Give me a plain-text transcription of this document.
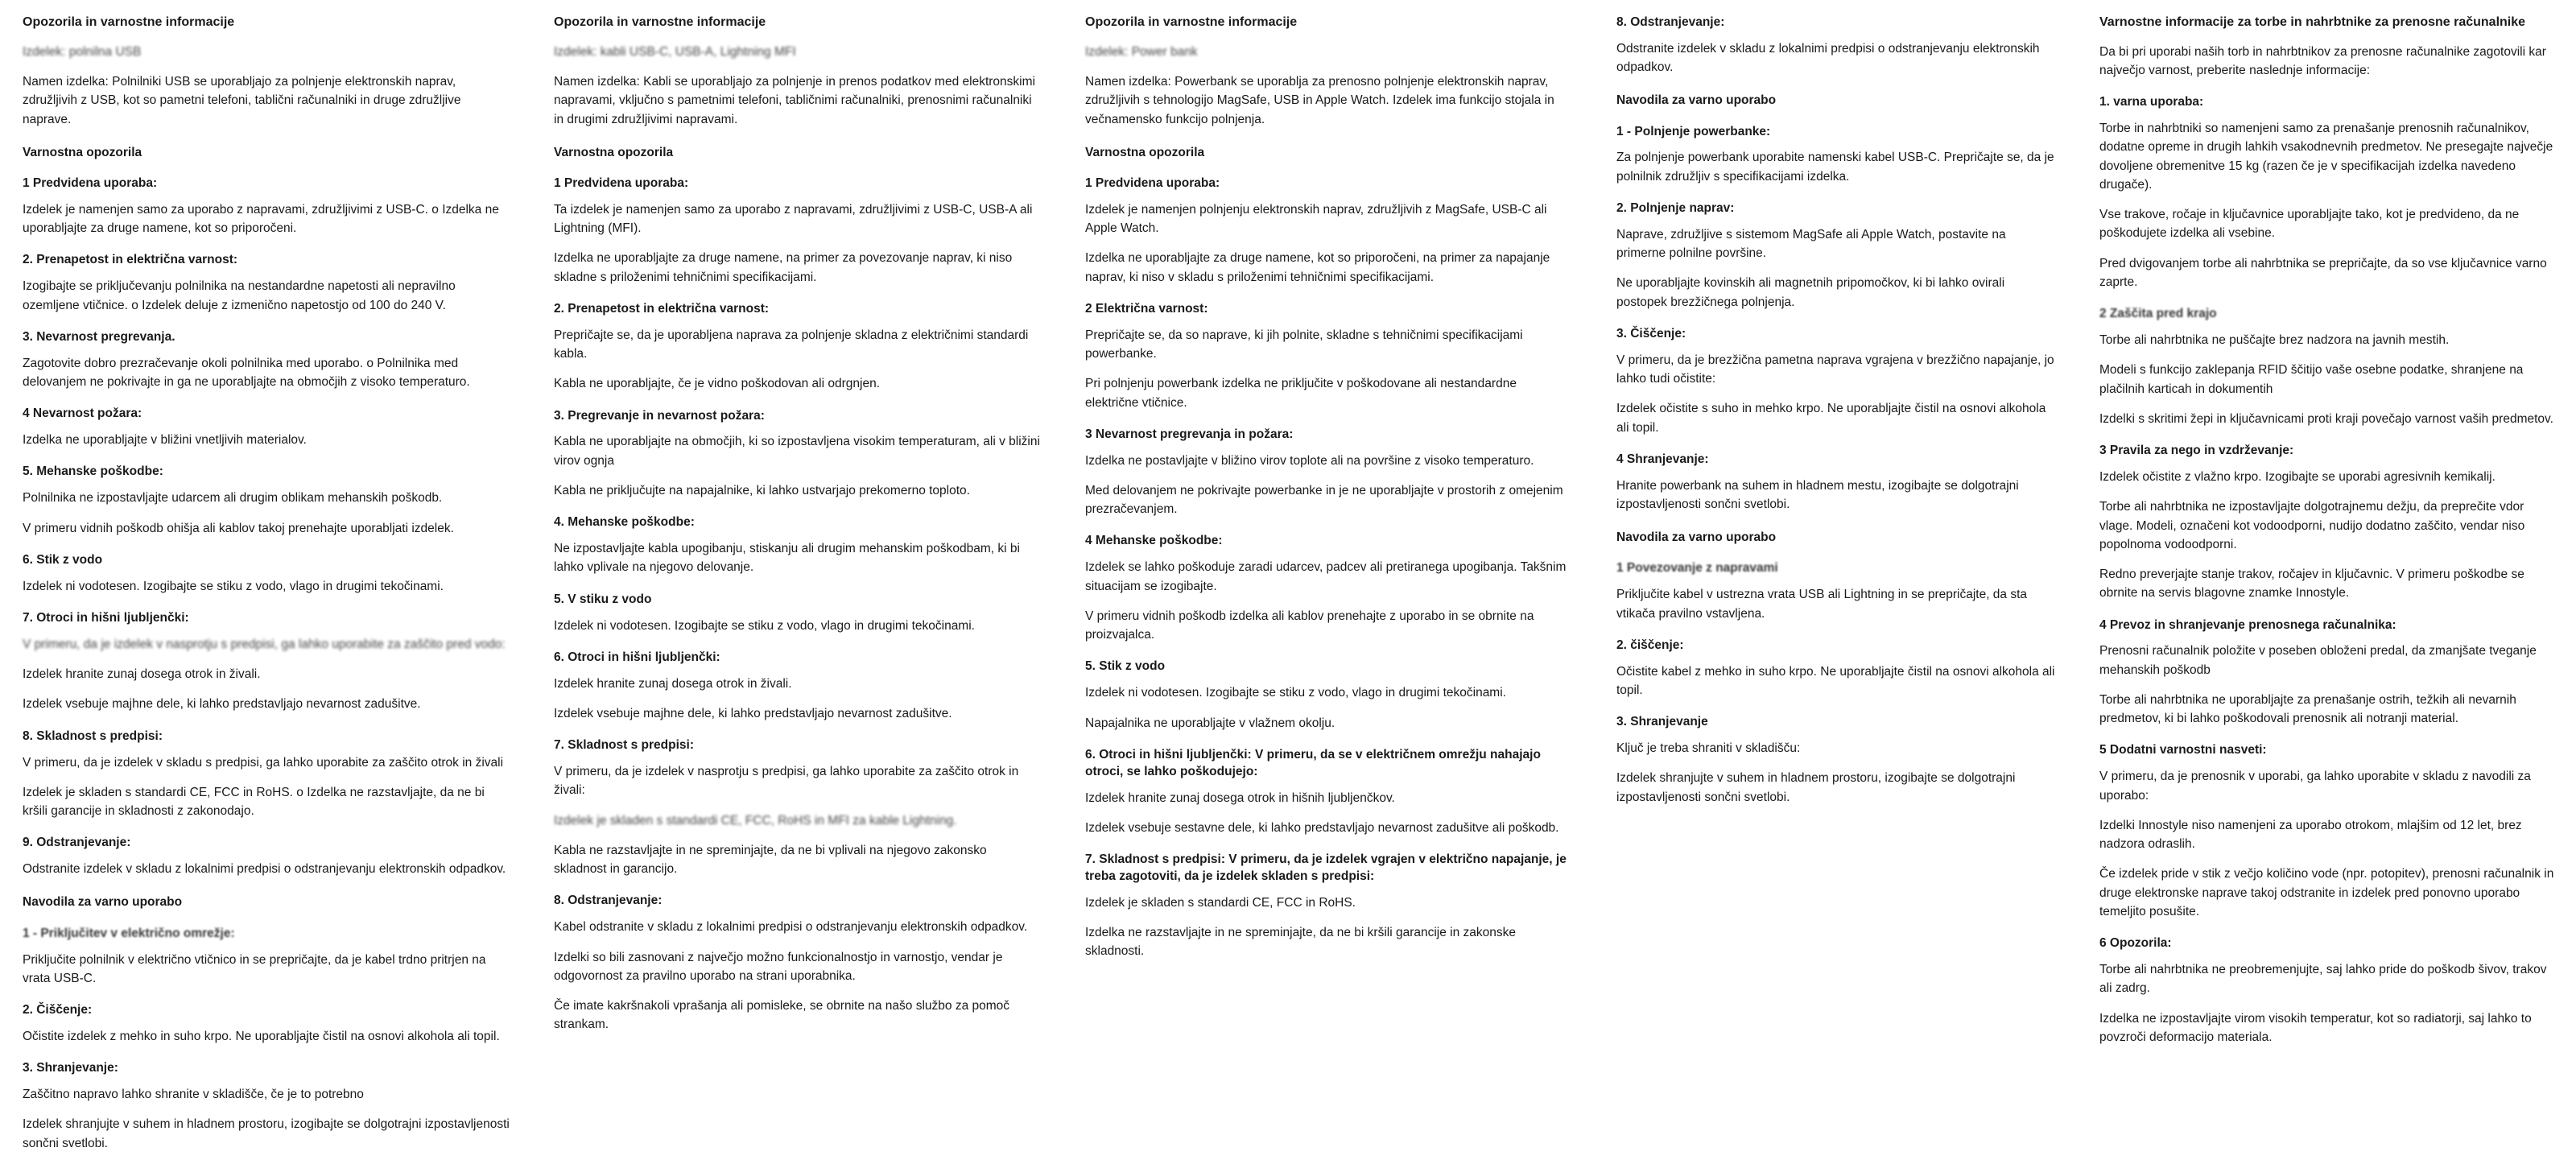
Opozorila in varnostne informacije

Izdelek: polnilna USB

Namen izdelka: Polnilniki USB se uporabljajo za polnjenje elektronskih naprav, združljivih z USB, kot so pametni telefoni, tablični računalniki in druge združljive naprave.

Varnostna opozorila
1 Predvidena uporaba:

Izdelek je namenjen samo za uporabo z napravami, združljivimi z USB-C. o Izdelka ne uporabljajte za druge namene, kot so priporočeni.

2. Prenapetost in električna varnost:

Izogibajte se priključevanju polnilnika na nestandardne napetosti ali nepravilno ozemljene vtičnice. o Izdelek deluje z izmenično napetostjo od 100 do 240 V.

3. Nevarnost pregrevanja.

Zagotovite dobro prezračevanje okoli polnilnika med uporabo. o Polnilnika med delovanjem ne pokrivajte in ga ne uporabljajte na območjih z visoko temperaturo.

4 Nevarnost požara:

Izdelka ne uporabljajte v bližini vnetljivih materialov.

5. Mehanske poškodbe:

Polnilnika ne izpostavljajte udarcem ali drugim oblikam mehanskih poškodb.

V primeru vidnih poškodb ohišja ali kablov takoj prenehajte uporabljati izdelek.

6. Stik z vodo

Izdelek ni vodotesen. Izogibajte se stiku z vodo, vlago in drugimi tekočinami.

7. Otroci in hišni ljubljenčki:

V primeru, da je izdelek v nasprotju s predpisi, ga lahko uporabite za zaščito pred vodo:

Izdelek hranite zunaj dosega otrok in živali.

Izdelek vsebuje majhne dele, ki lahko predstavljajo nevarnost zadušitve.

8. Skladnost s predpisi:

V primeru, da je izdelek v skladu s predpisi, ga lahko uporabite za zaščito otrok in živali

Izdelek je skladen s standardi CE, FCC in RoHS. o Izdelka ne razstavljajte, da ne bi kršili garancije in skladnosti z zakonodajo.

9. Odstranjevanje:

Odstranite izdelek v skladu z lokalnimi predpisi o odstranjevanju elektronskih odpadkov.

Navodila za varno uporabo
1 - Priključitev v električno omrežje:

Priključite polnilnik v električno vtičnico in se prepričajte, da je kabel trdno pritrjen na vrata USB-C.

2. Čiščenje:

Očistite izdelek z mehko in suho krpo. Ne uporabljajte čistil na osnovi alkohola ali topil.

3. Shranjevanje:

Zaščitno napravo lahko shranite v skladišče, če je to potrebno

Izdelek shranjujte v suhem in hladnem prostoru, izogibajte se dolgotrajni izpostavljenosti sončni svetlobi.

Opozorila in varnostne informacije

Izdelek: kabli USB-C, USB-A, Lightning MFI

Namen izdelka: Kabli se uporabljajo za polnjenje in prenos podatkov med elektronskimi napravami, vključno s pametnimi telefoni, tabličnimi računalniki, prenosnimi računalniki in drugimi združljivimi napravami.

Varnostna opozorila
1 Predvidena uporaba:

Ta izdelek je namenjen samo za uporabo z napravami, združljivimi z USB-C, USB-A ali Lightning (MFI).

Izdelka ne uporabljajte za druge namene, na primer za povezovanje naprav, ki niso skladne s priloženimi tehničnimi specifikacijami.

2. Prenapetost in električna varnost:

Prepričajte se, da je uporabljena naprava za polnjenje skladna z električnimi standardi kabla.

Kabla ne uporabljajte, če je vidno poškodovan ali odrgnjen.

3. Pregrevanje in nevarnost požara:

Kabla ne uporabljajte na območjih, ki so izpostavljena visokim temperaturam, ali v bližini virov ognja

Kabla ne priključujte na napajalnike, ki lahko ustvarjajo prekomerno toploto.

4. Mehanske poškodbe:

Ne izpostavljajte kabla upogibanju, stiskanju ali drugim mehanskim poškodbam, ki bi lahko vplivale na njegovo delovanje.

5. V stiku z vodo

Izdelek ni vodotesen. Izogibajte se stiku z vodo, vlago in drugimi tekočinami.

6. Otroci in hišni ljubljenčki:

Izdelek hranite zunaj dosega otrok in živali.

Izdelek vsebuje majhne dele, ki lahko predstavljajo nevarnost zadušitve.

7. Skladnost s predpisi:

V primeru, da je izdelek v nasprotju s predpisi, ga lahko uporabite za zaščito otrok in živali:

Izdelek je skladen s standardi CE, FCC, RoHS in MFI za kable Lightning.

Kabla ne razstavljajte in ne spreminjajte, da ne bi vplivali na njegovo zakonsko skladnost in garancijo.

8. Odstranjevanje:

Kabel odstranite v skladu z lokalnimi predpisi o odstranjevanju elektronskih odpadkov.

Izdelki so bili zasnovani z največjo možno funkcionalnostjo in varnostjo, vendar je odgovornost za pravilno uporabo na strani uporabnika.

Če imate kakršnakoli vprašanja ali pomisleke, se obrnite na našo službo za pomoč strankam.

Opozorila in varnostne informacije

Izdelek: Power bank

Namen izdelka: Powerbank se uporablja za prenosno polnjenje elektronskih naprav, združljivih s tehnologijo MagSafe, USB in Apple Watch. Izdelek ima funkcijo stojala in večnamensko funkcijo polnjenja.

Varnostna opozorila
1 Predvidena uporaba:

Izdelek je namenjen polnjenju elektronskih naprav, združljivih z MagSafe, USB-C ali Apple Watch.

Izdelka ne uporabljajte za druge namene, kot so priporočeni, na primer za napajanje naprav, ki niso v skladu s priloženimi tehničnimi specifikacijami.

2 Električna varnost:

Prepričajte se, da so naprave, ki jih polnite, skladne s tehničnimi specifikacijami powerbanke.

Pri polnjenju powerbank izdelka ne priključite v poškodovane ali nestandardne električne vtičnice.

3 Nevarnost pregrevanja in požara:

Izdelka ne postavljajte v bližino virov toplote ali na površine z visoko temperaturo.

Med delovanjem ne pokrivajte powerbanke in je ne uporabljajte v prostorih z omejenim prezračevanjem.

4 Mehanske poškodbe:

Izdelek se lahko poškoduje zaradi udarcev, padcev ali pretiranega upogibanja. Takšnim situacijam se izogibajte.

V primeru vidnih poškodb izdelka ali kablov prenehajte z uporabo in se obrnite na proizvajalca.

5. Stik z vodo

Izdelek ni vodotesen. Izogibajte se stiku z vodo, vlago in drugimi tekočinami.

Napajalnika ne uporabljajte v vlažnem okolju.

6. Otroci in hišni ljubljenčki: V primeru, da se v električnem omrežju nahajajo otroci, se lahko poškodujejo:

Izdelek hranite zunaj dosega otrok in hišnih ljubljenčkov.

Izdelek vsebuje sestavne dele, ki lahko predstavljajo nevarnost zadušitve ali poškodb.

7. Skladnost s predpisi: V primeru, da je izdelek vgrajen v električno napajanje, je treba zagotoviti, da je izdelek skladen s predpisi:

Izdelek je skladen s standardi CE, FCC in RoHS.

Izdelka ne razstavljajte in ne spreminjajte, da ne bi kršili garancije in zakonske skladnosti.

8. Odstranjevanje:

Odstranite izdelek v skladu z lokalnimi predpisi o odstranjevanju elektronskih odpadkov.

Navodila za varno uporabo
1 - Polnjenje powerbanke:

Za polnjenje powerbank uporabite namenski kabel USB-C. Prepričajte se, da je polnilnik združljiv s specifikacijami izdelka.

2. Polnjenje naprav:

Naprave, združljive s sistemom MagSafe ali Apple Watch, postavite na primerne polnilne površine.

Ne uporabljajte kovinskih ali magnetnih pripomočkov, ki bi lahko ovirali postopek brezžičnega polnjenja.

3. Čiščenje:

V primeru, da je brezžična pametna naprava vgrajena v brezžično napajanje, jo lahko tudi očistite:

Izdelek očistite s suho in mehko krpo. Ne uporabljajte čistil na osnovi alkohola ali topil.

4 Shranjevanje:

Hranite powerbank na suhem in hladnem mestu, izogibajte se dolgotrajni izpostavljenosti sončni svetlobi.

Navodila za varno uporabo
1 Povezovanje z napravami

Priključite kabel v ustrezna vrata USB ali Lightning in se prepričajte, da sta vtikača pravilno vstavljena.

2. čiščenje:

Očistite kabel z mehko in suho krpo. Ne uporabljajte čistil na osnovi alkohola ali topil.

3. Shranjevanje

Ključ je treba shraniti v skladišču:

Izdelek shranjujte v suhem in hladnem prostoru, izogibajte se dolgotrajni izpostavljenosti sončni svetlobi.

Varnostne informacije za torbe in nahrbtnike za prenosne računalnike

Da bi pri uporabi naših torb in nahrbtnikov za prenosne računalnike zagotovili kar največjo varnost, preberite naslednje informacije:

1. varna uporaba:

Torbe in nahrbtniki so namenjeni samo za prenašanje prenosnih računalnikov, dodatne opreme in drugih lahkih vsakodnevnih predmetov. Ne presegajte največje dovoljene obremenitve 15 kg (razen če je v specifikacijah izdelka navedeno drugače).

Vse trakove, ročaje in ključavnice uporabljajte tako, kot je predvideno, da ne poškodujete izdelka ali vsebine.

Pred dvigovanjem torbe ali nahrbtnika se prepričajte, da so vse ključavnice varno zaprte.

2 Zaščita pred krajo

Torbe ali nahrbtnika ne puščajte brez nadzora na javnih mestih.

Modeli s funkcijo zaklepanja RFID ščitijo vaše osebne podatke, shranjene na plačilnih karticah in dokumentih

Izdelki s skritimi žepi in ključavnicami proti kraji povečajo varnost vaših predmetov.

3 Pravila za nego in vzdrževanje:

Izdelek očistite z vlažno krpo. Izogibajte se uporabi agresivnih kemikalij.

Torbe ali nahrbtnika ne izpostavljajte dolgotrajnemu dežju, da preprečite vdor vlage. Modeli, označeni kot vodoodporni, nudijo dodatno zaščito, vendar niso popolnoma vodoodporni.

Redno preverjajte stanje trakov, ročajev in ključavnic. V primeru poškodbe se obrnite na servis blagovne znamke Innostyle.

4 Prevoz in shranjevanje prenosnega računalnika:

Prenosni računalnik položite v poseben obloženi predal, da zmanjšate tveganje mehanskih poškodb

Torbe ali nahrbtnika ne uporabljajte za prenašanje ostrih, težkih ali nevarnih predmetov, ki bi lahko poškodovali prenosnik ali notranji material.

5 Dodatni varnostni nasveti:

V primeru, da je prenosnik v uporabi, ga lahko uporabite v skladu z navodili za uporabo:

Izdelki Innostyle niso namenjeni za uporabo otrokom, mlajšim od 12 let, brez nadzora odraslih.

Če izdelek pride v stik z večjo količino vode (npr. potopitev), prenosni računalnik in druge elektronske naprave takoj odstranite in izdelek pred ponovno uporabo temeljito posušite.

6 Opozorila:

Torbe ali nahrbtnika ne preobremenjujte, saj lahko pride do poškodb šivov, trakov ali zadrg.

Izdelka ne izpostavljajte virom visokih temperatur, kot so radiatorji, saj lahko to povzroči deformacijo materiala.
